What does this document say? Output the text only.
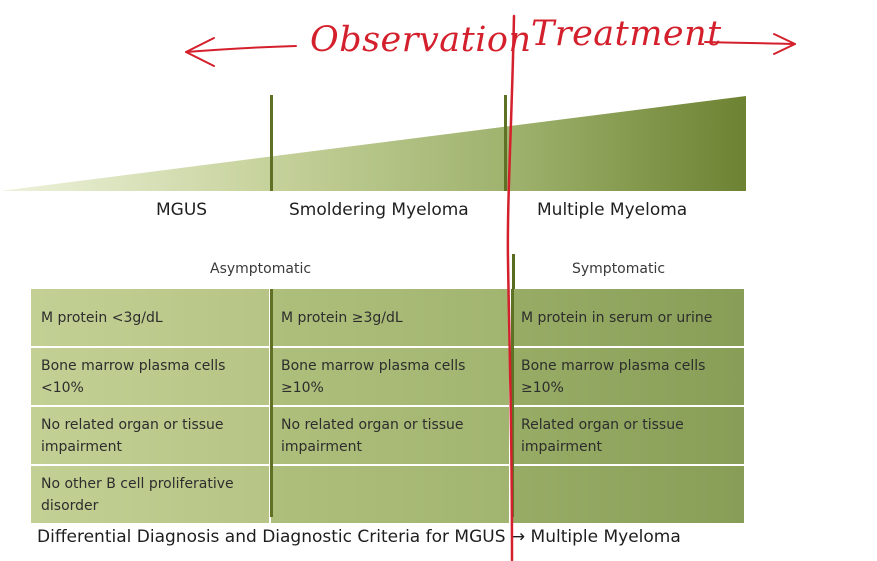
Observation Treatment
MGUS	Smoldering Myeloma	Multiple Myeloma
Asymptomatic	Symptomatic
M protein <3g/dL	M protein ≥3g/dL	M protein in serum or urine
Bone marrow plasma cells <10%	Bone marrow plasma cells ≥10%	Bone marrow plasma cells ≥10%
No related organ or tissue impairment	No related organ or tissue impairment	Related organ or tissue impairment
No other B cell proliferative disorder		
Differential Diagnosis and Diagnostic Criteria for MGUS → Multiple Myeloma
